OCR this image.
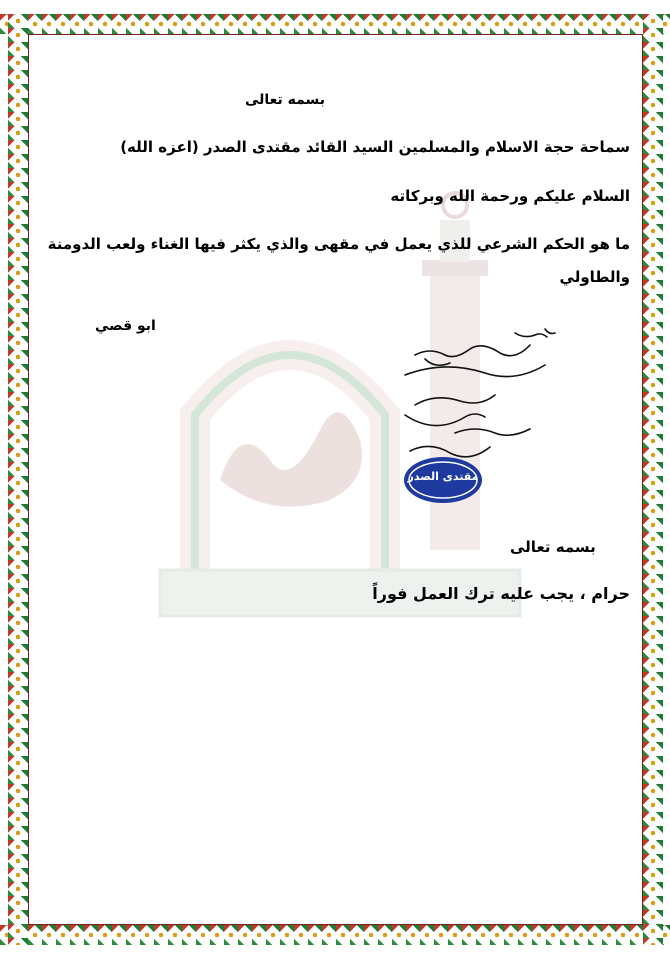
بسمه تعالى
سماحة حجة الاسلام والمسلمين السيد القائد مقتدى الصدر (اعزه الله)
السلام عليكم ورحمة الله وبركاته
ما هو الحكم الشرعي للذي يعمل في مقهى والذي يكثر فيها الغناء ولعب الدومنة
والطاولي
ابو قصي
مقتدى الصدر
بسمه تعالى
حرام ، يجب عليه ترك العمل فوراً
